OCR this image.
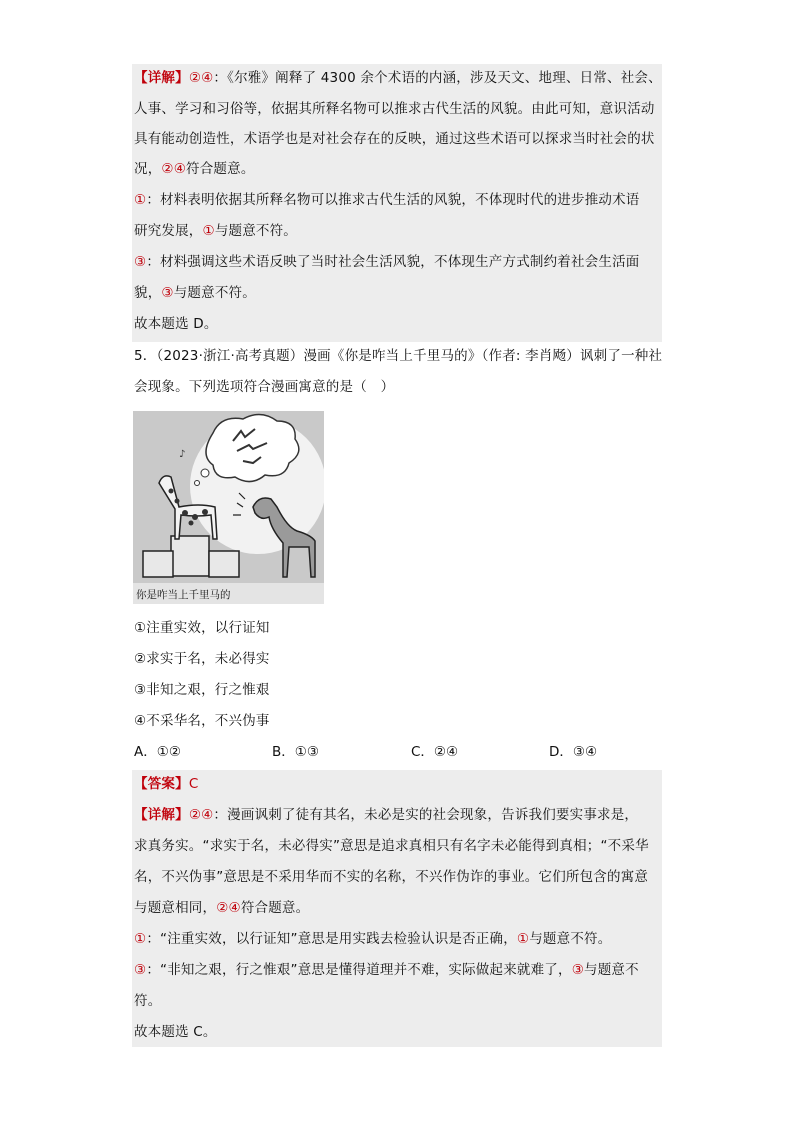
【详解】②④：《尔雅》阐释了 4300 余个术语的内涵，涉及天文、地理、日常、社会、
人事、学习和习俗等，依据其所释名物可以推求古代生活的风貌。由此可知，意识活动
具有能动创造性，术语学也是对社会存在的反映，通过这些术语可以探求当时社会的状
况，②④符合题意。
①：材料表明依据其所释名物可以推求古代生活的风貌，不体现时代的进步推动术语
研究发展，①与题意不符。
③：材料强调这些术语反映了当时社会生活风貌，不体现生产方式制约着社会生活面
貌，③与题意不符。
故本题选 D。
5．（2023·浙江·高考真题）漫画《你是咋当上千里马的》（作者: 李肖飏）讽刺了一种社
会现象。下列选项符合漫画寓意的是（　）
♪
你是咋当上千里马的
①注重实效，以行证知
②求实于名，未必得实
③非知之艰，行之惟艰
④不采华名，不兴伪事
A．①②	B．①③	C．②④	D．③④
【答案】C
【详解】②④：漫画讽刺了徒有其名，未必是实的社会现象，告诉我们要实事求是，
求真务实。“求实于名，未必得实”意思是追求真相只有名字未必能得到真相；“不采华
名，不兴伪事”意思是不采用华而不实的名称，不兴作伪诈的事业。它们所包含的寓意
与题意相同，②④符合题意。
①：“注重实效，以行证知”意思是用实践去检验认识是否正确，①与题意不符。
③：“非知之艰，行之惟艰”意思是懂得道理并不难，实际做起来就难了，③与题意不
符。
故本题选 C。
